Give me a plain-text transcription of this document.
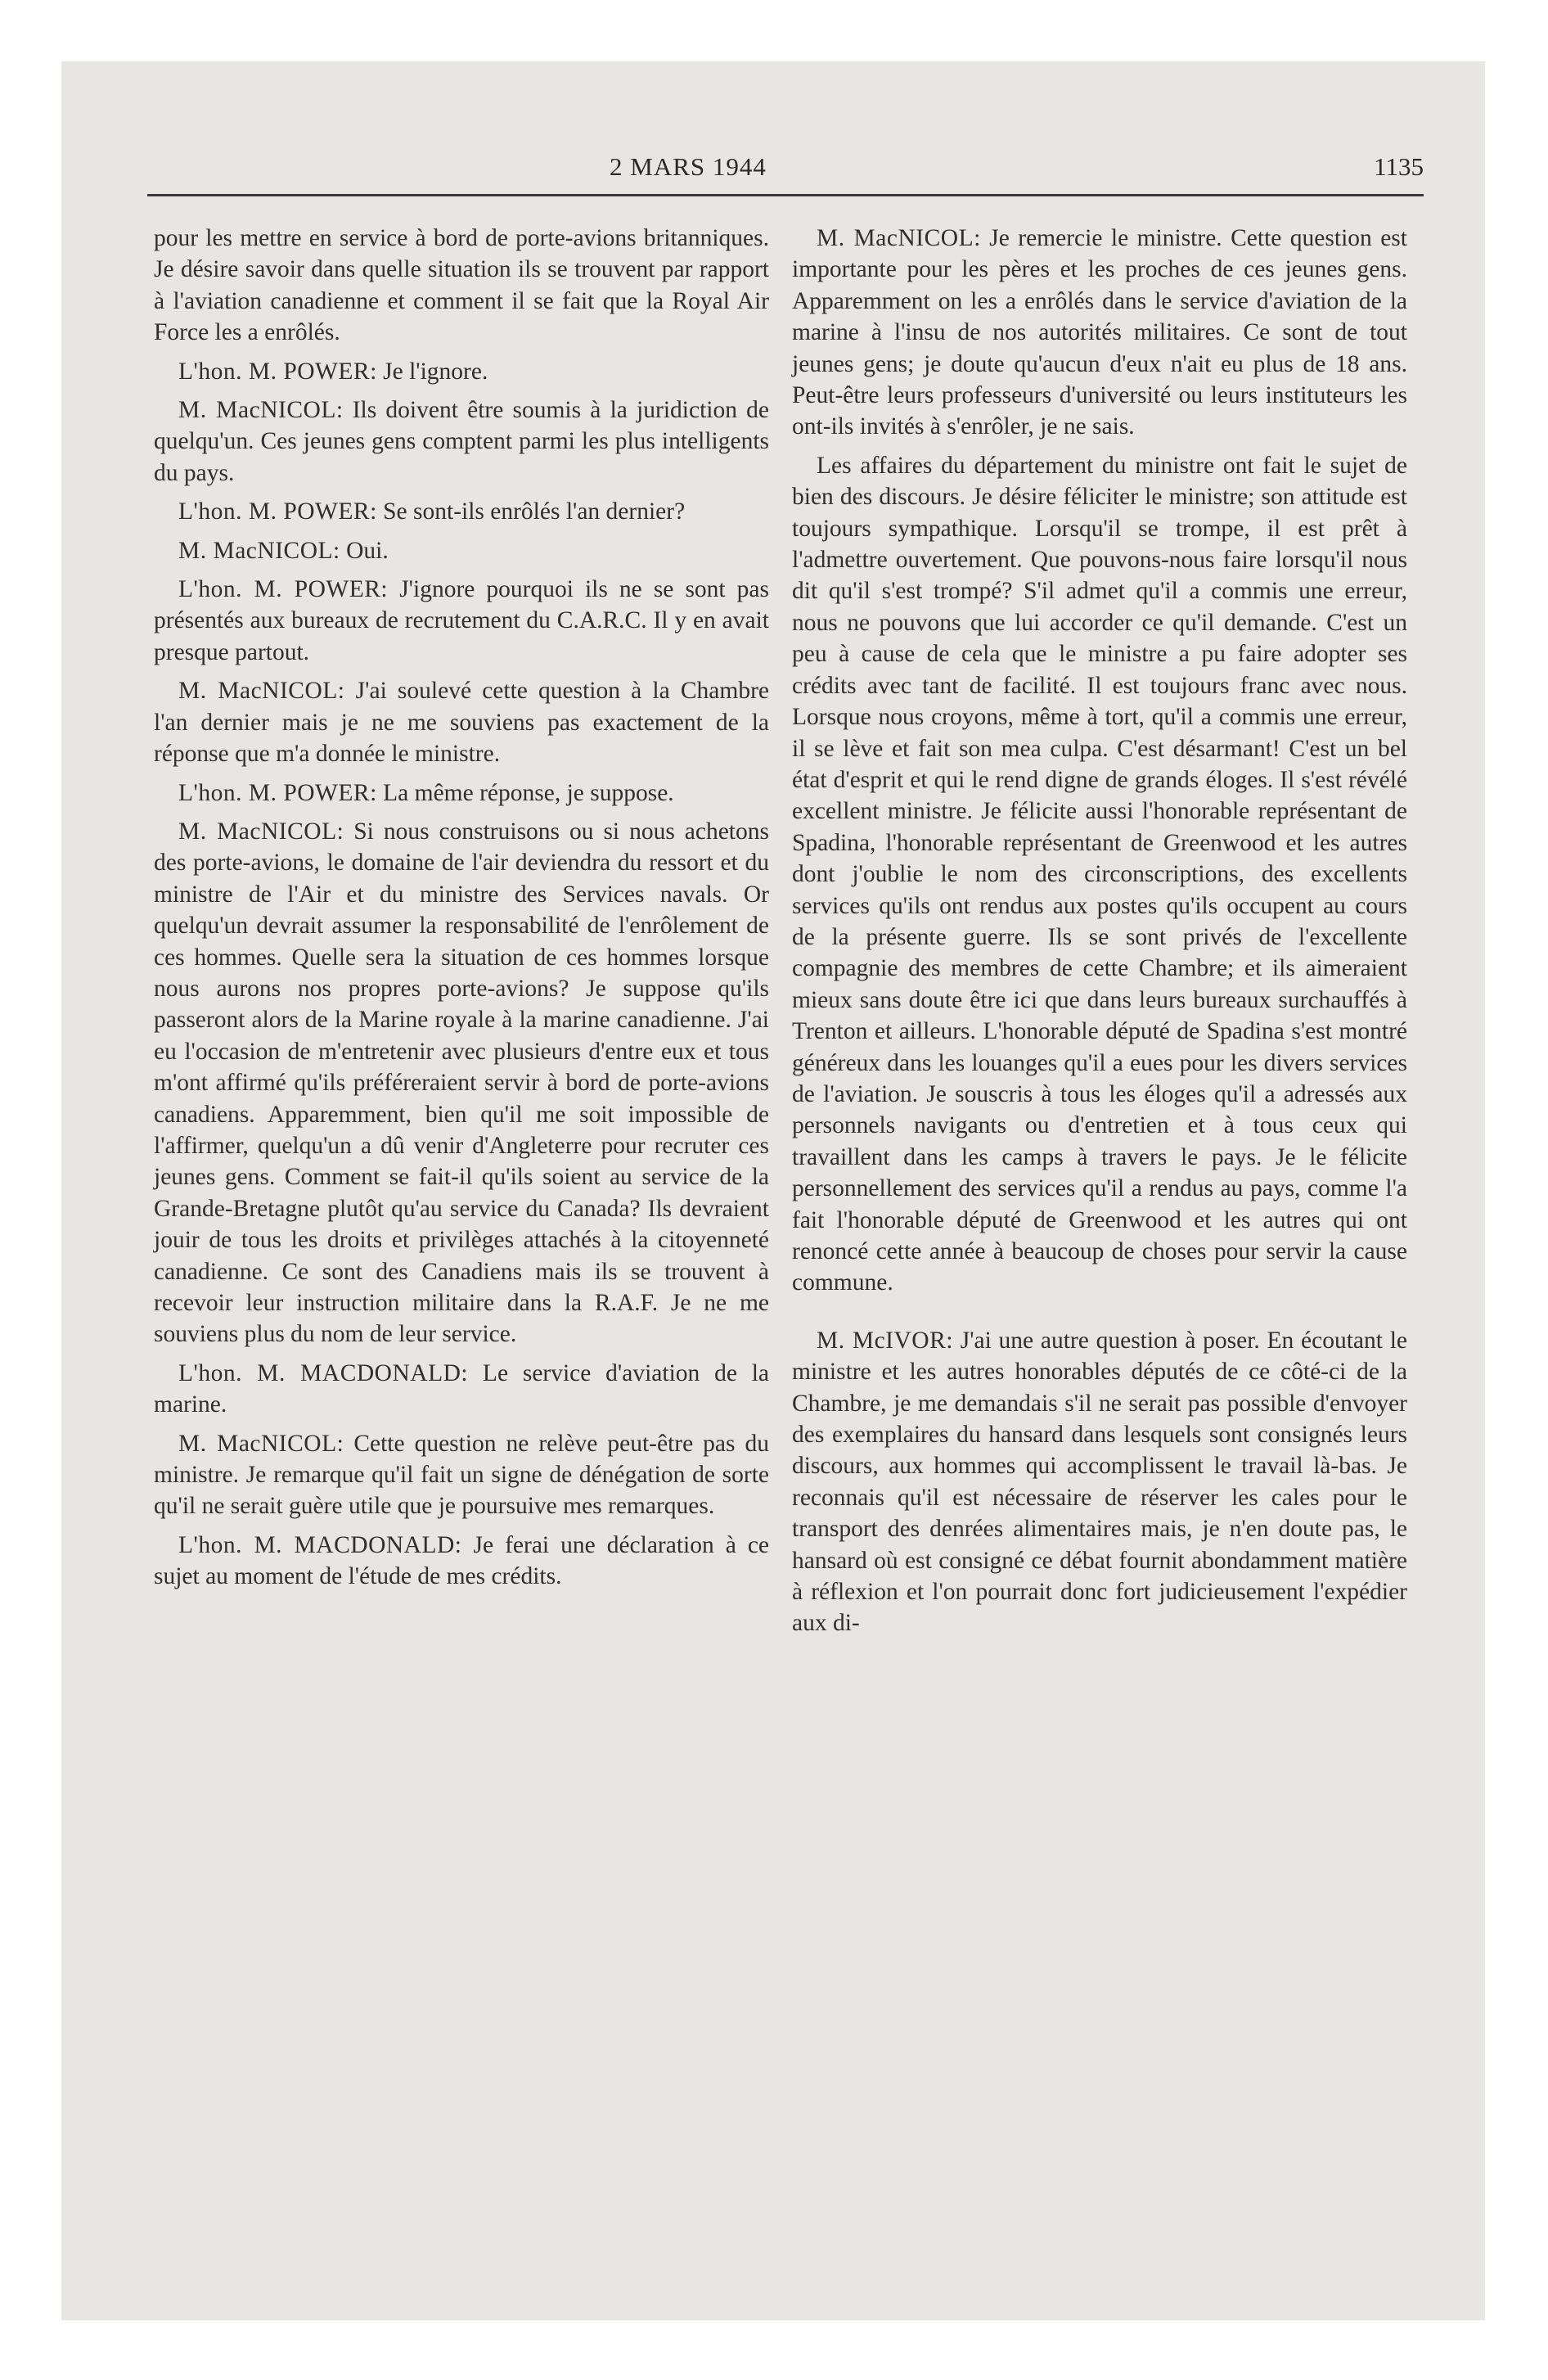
2 MARS 1944	1135

pour les mettre en service à bord de porte-avions britanniques. Je désire savoir dans quelle situation ils se trouvent par rapport à l'aviation canadienne et comment il se fait que la Royal Air Force les a enrôlés.

L'hon. M. POWER: Je l'ignore.

M. MacNICOL: Ils doivent être soumis à la juridiction de quelqu'un. Ces jeunes gens comptent parmi les plus intelligents du pays.

L'hon. M. POWER: Se sont-ils enrôlés l'an dernier?

M. MacNICOL: Oui.

L'hon. M. POWER: J'ignore pourquoi ils ne se sont pas présentés aux bureaux de recrutement du C.A.R.C. Il y en avait presque partout.

M. MacNICOL: J'ai soulevé cette question à la Chambre l'an dernier mais je ne me souviens pas exactement de la réponse que m'a donnée le ministre.

L'hon. M. POWER: La même réponse, je suppose.

M. MacNICOL: Si nous construisons ou si nous achetons des porte-avions, le domaine de l'air deviendra du ressort et du ministre de l'Air et du ministre des Services navals. Or quelqu'un devrait assumer la responsabilité de l'enrôlement de ces hommes. Quelle sera la situation de ces hommes lorsque nous aurons nos propres porte-avions? Je suppose qu'ils passeront alors de la Marine royale à la marine canadienne. J'ai eu l'occasion de m'entretenir avec plusieurs d'entre eux et tous m'ont affirmé qu'ils préféreraient servir à bord de porte-avions canadiens. Apparemment, bien qu'il me soit impossible de l'affirmer, quelqu'un a dû venir d'Angleterre pour recruter ces jeunes gens. Comment se fait-il qu'ils soient au service de la Grande-Bretagne plutôt qu'au service du Canada? Ils devraient jouir de tous les droits et privilèges attachés à la citoyenneté canadienne. Ce sont des Canadiens mais ils se trouvent à recevoir leur instruction militaire dans la R.A.F. Je ne me souviens plus du nom de leur service.

L'hon. M. MACDONALD: Le service d'aviation de la marine.

M. MacNICOL: Cette question ne relève peut-être pas du ministre. Je remarque qu'il fait un signe de dénégation de sorte qu'il ne serait guère utile que je poursuive mes remarques.

L'hon. M. MACDONALD: Je ferai une déclaration à ce sujet au moment de l'étude de mes crédits.

M. MacNICOL: Je remercie le ministre. Cette question est importante pour les pères et les proches de ces jeunes gens. Apparemment on les a enrôlés dans le service d'aviation de la marine à l'insu de nos autorités militaires. Ce sont de tout jeunes gens; je doute qu'aucun d'eux n'ait eu plus de 18 ans. Peut-être leurs professeurs d'université ou leurs instituteurs les ont-ils invités à s'enrôler, je ne sais.

Les affaires du département du ministre ont fait le sujet de bien des discours. Je désire féliciter le ministre; son attitude est toujours sympathique. Lorsqu'il se trompe, il est prêt à l'admettre ouvertement. Que pouvons-nous faire lorsqu'il nous dit qu'il s'est trompé? S'il admet qu'il a commis une erreur, nous ne pouvons que lui accorder ce qu'il demande. C'est un peu à cause de cela que le ministre a pu faire adopter ses crédits avec tant de facilité. Il est toujours franc avec nous. Lorsque nous croyons, même à tort, qu'il a commis une erreur, il se lève et fait son mea culpa. C'est désarmant! C'est un bel état d'esprit et qui le rend digne de grands éloges. Il s'est révélé excellent ministre. Je félicite aussi l'honorable représentant de Spadina, l'honorable représentant de Greenwood et les autres dont j'oublie le nom des circonscriptions, des excellents services qu'ils ont rendus aux postes qu'ils occupent au cours de la présente guerre. Ils se sont privés de l'excellente compagnie des membres de cette Chambre; et ils aimeraient mieux sans doute être ici que dans leurs bureaux surchauffés à Trenton et ailleurs. L'honorable député de Spadina s'est montré généreux dans les louanges qu'il a eues pour les divers services de l'aviation. Je souscris à tous les éloges qu'il a adressés aux personnels navigants ou d'entretien et à tous ceux qui travaillent dans les camps à travers le pays. Je le félicite personnellement des services qu'il a rendus au pays, comme l'a fait l'honorable député de Greenwood et les autres qui ont renoncé cette année à beaucoup de choses pour servir la cause commune.

M. McIVOR: J'ai une autre question à poser. En écoutant le ministre et les autres honorables députés de ce côté-ci de la Chambre, je me demandais s'il ne serait pas possible d'envoyer des exemplaires du hansard dans lesquels sont consignés leurs discours, aux hommes qui accomplissent le travail là-bas. Je reconnais qu'il est nécessaire de réserver les cales pour le transport des denrées alimentaires mais, je n'en doute pas, le hansard où est consigné ce débat fournit abondamment matière à réflexion et l'on pourrait donc fort judicieusement l'expédier aux di-
